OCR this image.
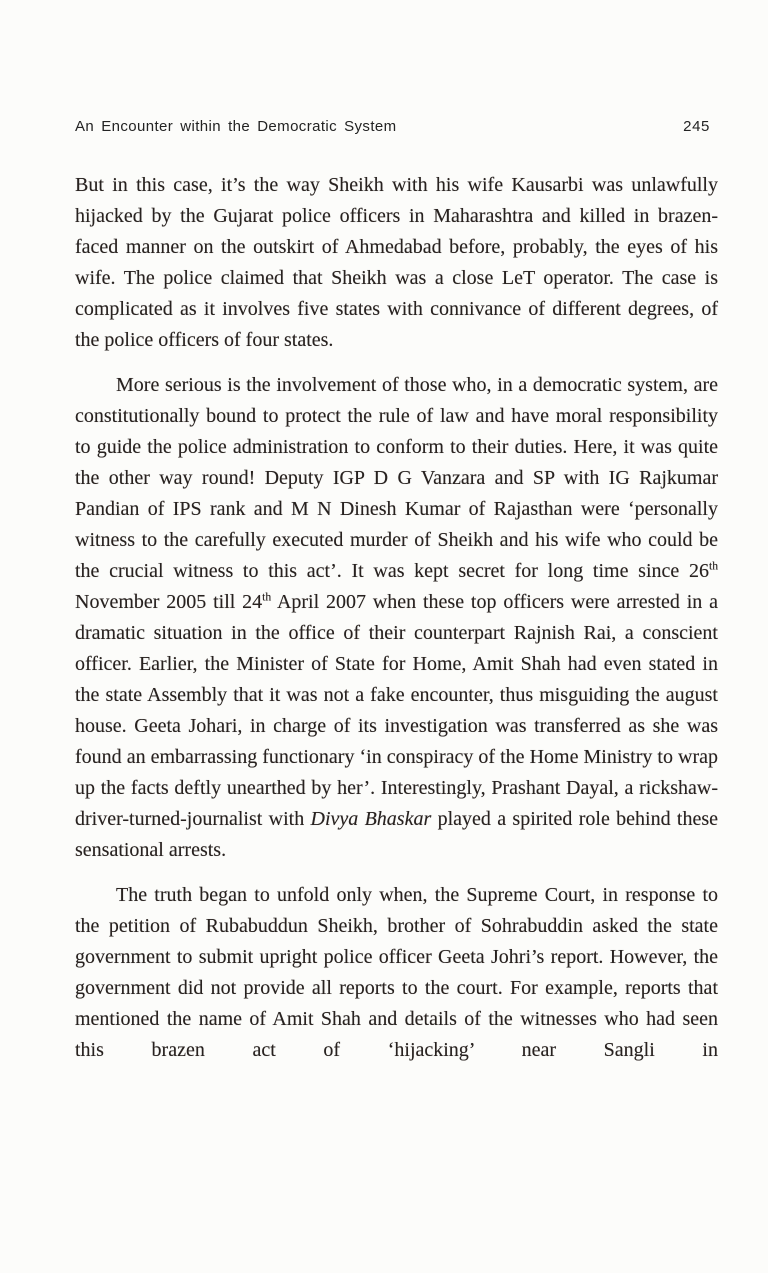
An Encounter within the Democratic System	245

But in this case, it’s the way Sheikh with his wife Kausarbi was unlawfully hijacked by the Gujarat police officers in Maharashtra and killed in brazen-faced manner on the outskirt of Ahmedabad before, probably, the eyes of his wife. The police claimed that Sheikh was a close LeT operator. The case is complicated as it involves five states with connivance of different degrees, of the police officers of four states.

More serious is the involvement of those who, in a democratic system, are constitutionally bound to protect the rule of law and have moral responsibility to guide the police administration to conform to their duties. Here, it was quite the other way round! Deputy IGP D G Vanzara and SP with IG Rajkumar Pandian of IPS rank and M N Dinesh Kumar of Rajasthan were ‘personally witness to the carefully executed murder of Sheikh and his wife who could be the crucial witness to this act’. It was kept secret for long time since 26th November 2005 till 24th April 2007 when these top officers were arrested in a dramatic situation in the office of their counterpart Rajnish Rai, a conscient officer. Earlier, the Minister of State for Home, Amit Shah had even stated in the state Assembly that it was not a fake encounter, thus misguiding the august house. Geeta Johari, in charge of its investigation was transferred as she was found an embarrassing functionary ‘in conspiracy of the Home Ministry to wrap up the facts deftly unearthed by her’. Interestingly, Prashant Dayal, a rickshaw-driver-turned-journalist with Divya Bhaskar played a spirited role behind these sensational arrests.

The truth began to unfold only when, the Supreme Court, in response to the petition of Rubabuddun Sheikh, brother of Sohrabuddin asked the state government to submit upright police officer Geeta Johri’s report. However, the government did not provide all reports to the court. For example, reports that mentioned the name of Amit Shah and details of the witnesses who had seen this brazen act of ‘hijacking’ near Sangli in
